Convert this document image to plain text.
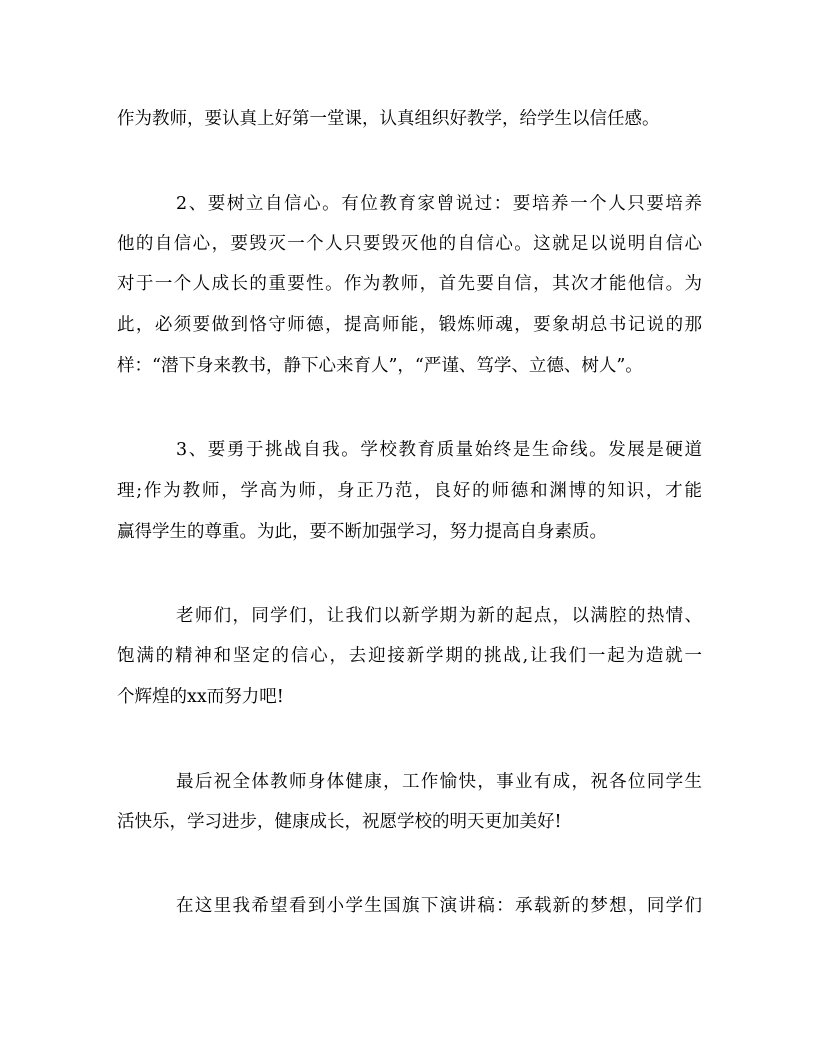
作为教师，要认真上好第一堂课，认真组织好教学，给学生以信任感。
2、要树立自信心。有位教育家曾说过：要培养一个人只要培养
他的自信心，要毁灭一个人只要毁灭他的自信心。这就足以说明自信心
对于一个人成长的重要性。作为教师，首先要自信，其次才能他信。为
此，必须要做到恪守师德，提高师能，锻炼师魂，要象胡总书记说的那
样：“潜下身来教书，静下心来育人”，“严谨、笃学、立德、树人”。
3、要勇于挑战自我。学校教育质量始终是生命线。发展是硬道
理;作为教师，学高为师，身正乃范，良好的师德和渊博的知识，才能
赢得学生的尊重。为此，要不断加强学习，努力提高自身素质。
老师们，同学们，让我们以新学期为新的起点，以满腔的热情、
饱满的精神和坚定的信心，去迎接新学期的挑战,让我们一起为造就一
个辉煌的xx而努力吧!
最后祝全体教师身体健康，工作愉快，事业有成，祝各位同学生
活快乐，学习进步，健康成长，祝愿学校的明天更加美好!
在这里我希望看到小学生国旗下演讲稿：承载新的梦想，同学们
